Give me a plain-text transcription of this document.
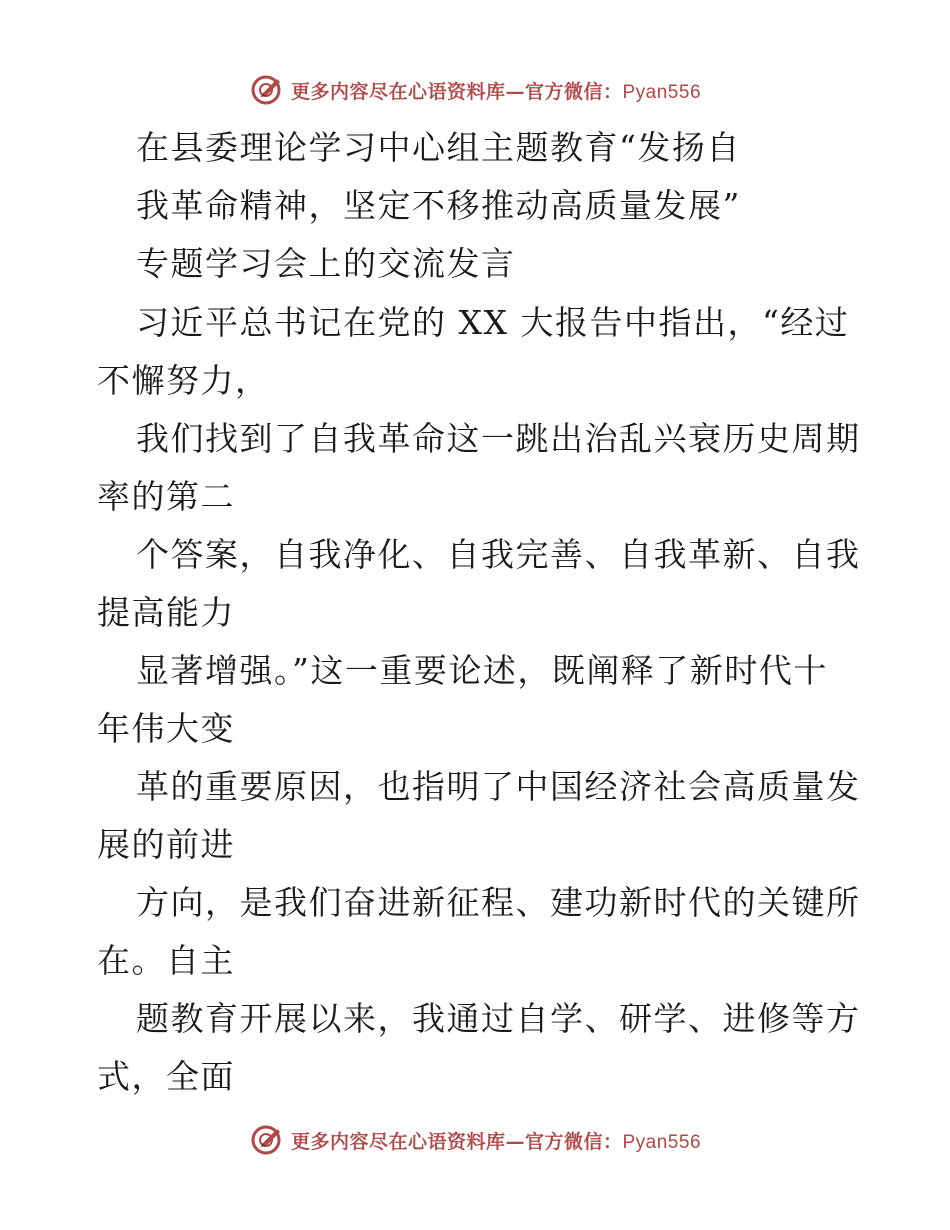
更多内容尽在心语资料库—官方微信：Pyan556
在县委理论学习中心组主题教育“发扬自
我革命精神，坚定不移推动高质量发展”
专题学习会上的交流发言
习近平总书记在党的 XX 大报告中指出，“经过
不懈努力，
我们找到了自我革命这一跳出治乱兴衰历史周期
率的第二
个答案，自我净化、自我完善、自我革新、自我
提高能力
显著增强。”这一重要论述，既阐释了新时代十
年伟大变
革的重要原因，也指明了中国经济社会高质量发
展的前进
方向，是我们奋进新征程、建功新时代的关键所
在。自主
题教育开展以来，我通过自学、研学、进修等方
式，全面
更多内容尽在心语资料库—官方微信：Pyan556
